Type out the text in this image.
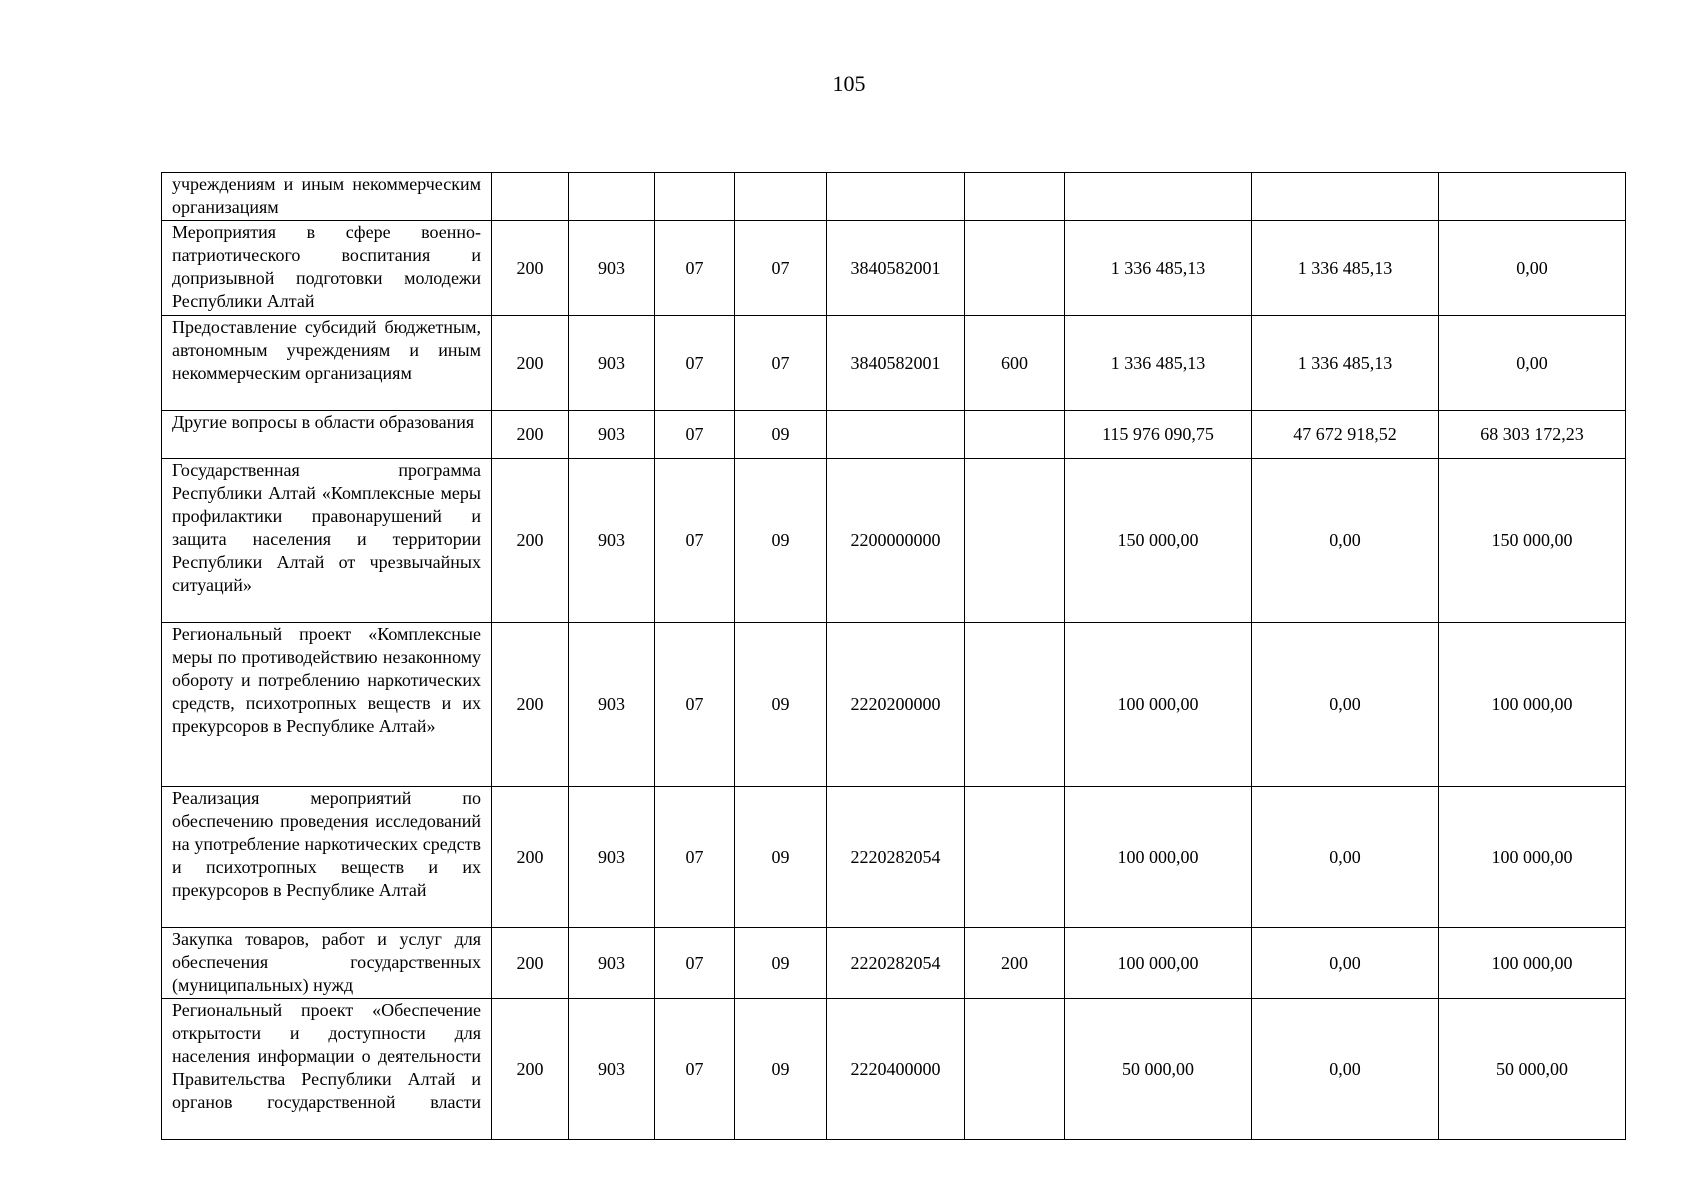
105
учреждениям и иным некоммерческим организациям									
Мероприятия в сфере военно-патриотического воспитания и допризывной подготовки молодежи Республики Алтай	200	903	07	07	3840582001		1 336 485,13	1 336 485,13	0,00
Предоставление субсидий бюджетным, автономным учреждениям и иным некоммерческим организациям	200	903	07	07	3840582001	600	1 336 485,13	1 336 485,13	0,00
Другие вопросы в области образования	200	903	07	09			115 976 090,75	47 672 918,52	68 303 172,23
Государственная программа Республики Алтай «Комплексные меры профилактики правонарушений и защита населения и территории Республики Алтай от чрезвычайных ситуаций»	200	903	07	09	2200000000		150 000,00	0,00	150 000,00
Региональный проект «Комплексные меры по противодействию незаконному обороту и потреблению наркотических средств, психотропных веществ и их прекурсоров в Республике Алтай»	200	903	07	09	2220200000		100 000,00	0,00	100 000,00
Реализация мероприятий по обеспечению проведения исследований на употребление наркотических средств и психотропных веществ и их прекурсоров в Республике Алтай	200	903	07	09	2220282054		100 000,00	0,00	100 000,00
Закупка товаров, работ и услуг для обеспечения государственных (муниципальных) нужд	200	903	07	09	2220282054	200	100 000,00	0,00	100 000,00
Региональный проект «Обеспечение открытости и доступности для населения информации о деятельности Правительства Республики Алтай и органов государственной власти	200	903	07	09	2220400000		50 000,00	0,00	50 000,00
